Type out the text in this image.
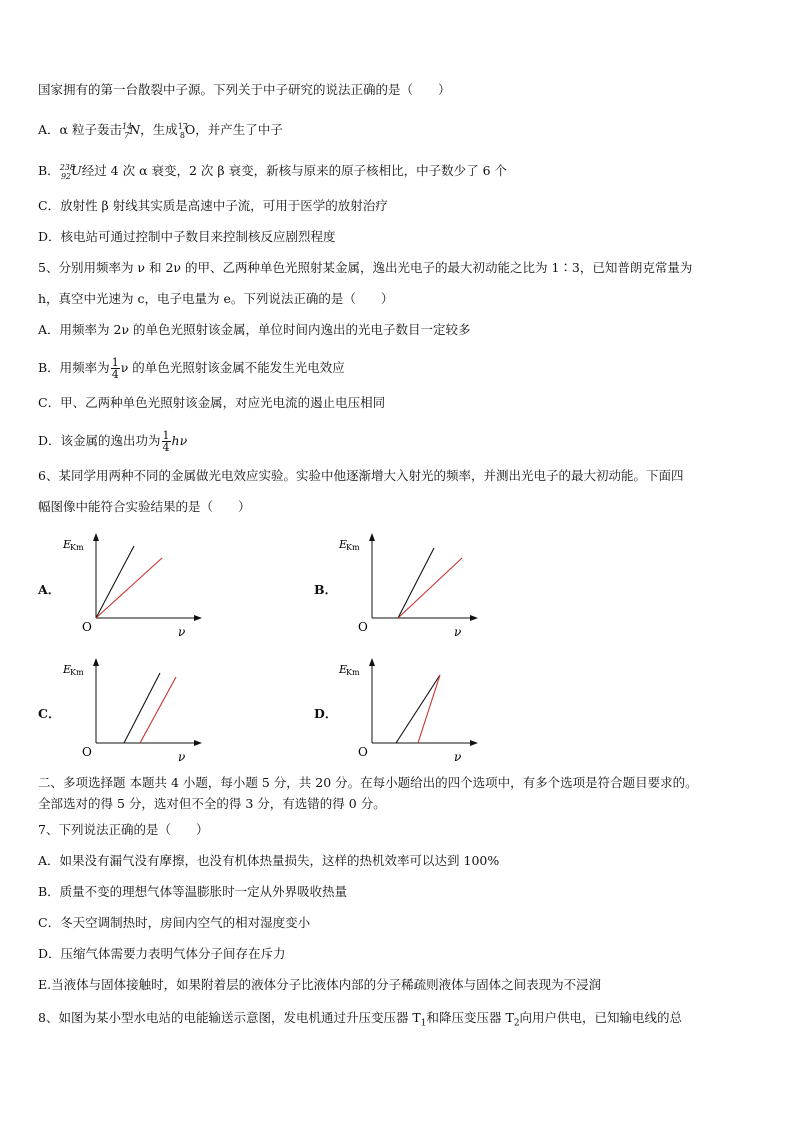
国家拥有的第一台散裂中子源。下列关于中子研究的说法正确的是（　　）
A．α 粒子轰击$^{14}_7$N，生成$^{17}_8$O，并产生了中子
B．$^{238}_{92}$U经过 4 次 α 衰变，2 次 β 衰变，新核与原来的原子核相比，中子数少了 6 个
C．放射性 β 射线其实质是高速中子流，可用于医学的放射治疗
D．核电站可通过控制中子数目来控制核反应剧烈程度
5、分别用频率为 ν 和 2ν 的甲、乙两种单色光照射某金属，逸出光电子的最大初动能之比为 1∶3，已知普朗克常量为
h，真空中光速为 c，电子电量为 e。下列说法正确的是（　　）
A．用频率为 2ν 的单色光照射该金属，单位时间内逸出的光电子数目一定较多
B．用频率为 $\frac{1}{4}$ ν 的单色光照射该金属不能发生光电效应
C．甲、乙两种单色光照射该金属，对应光电流的遏止电压相同
D．该金属的逸出功为 $\frac{1}{4}$ hν
6、某同学用两种不同的金属做光电效应实验。实验中他逐渐增大入射光的频率，并测出光电子的最大初动能。下面四
幅图像中能符合实验结果的是（　　）
A．
E
Km
O	ν
B．
E
Km
O	ν
C．
E
Km
O	ν
D．
E
Km
O	ν
二、多项选择题 本题共 4 小题，每小题 5 分，共 20 分。在每小题给出的四个选项中，有多个选项是符合题目要求的。
全部选对的得 5 分，选对但不全的得 3 分，有选错的得 0 分。
7、下列说法正确的是（　　）
A．如果没有漏气没有摩擦，也没有机体热量损失，这样的热机效率可以达到 100%
B．质量不变的理想气体等温膨胀时一定从外界吸收热量
C．冬天空调制热时，房间内空气的相对湿度变小
D．压缩气体需要力表明气体分子间存在斥力
E.当液体与固体接触时，如果附着层的液体分子比液体内部的分子稀疏则液体与固体之间表现为不浸润
8、如图为某小型水电站的电能输送示意图，发电机通过升压变压器 $T_1$和降压变压器 $T_2$向用户供电，已知输电线的总
